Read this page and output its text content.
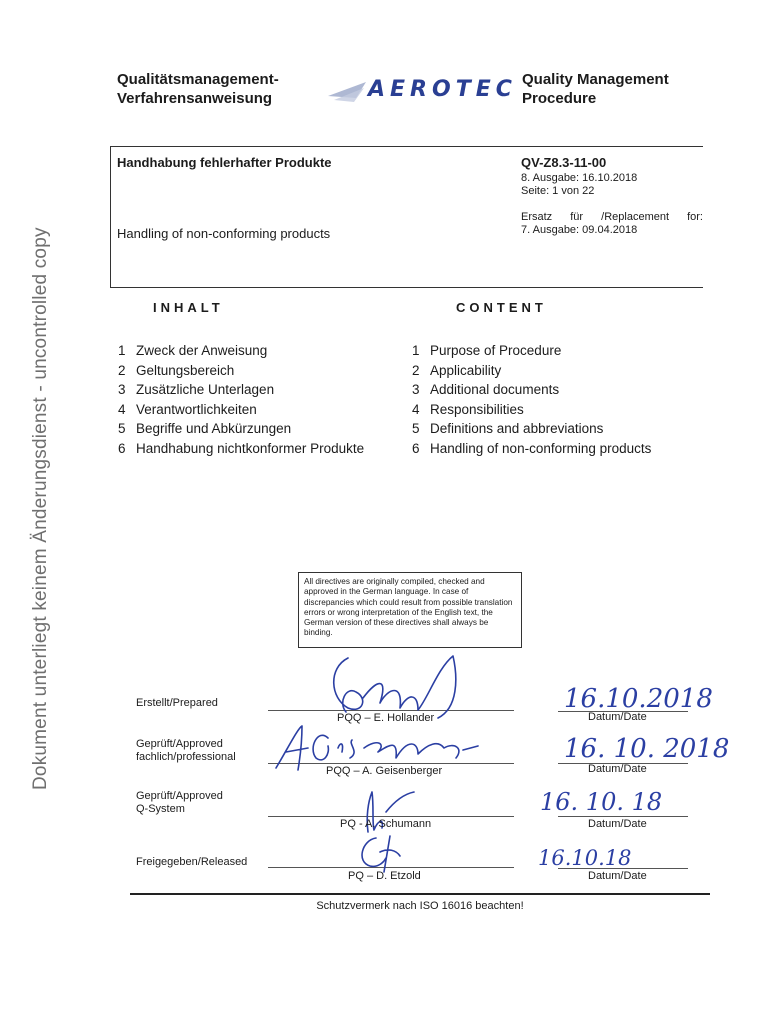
Dokument unterliegt keinem Änderungsdienst - uncontrolled copy
Qualitätsmanagement-
Verfahrensanweisung	AEROTEC Quality Management
Procedure
Handhabung fehlerhafter Produkte
Handling of non-conforming products
QV-Z8.3-11-00
8. Ausgabe: 16.10.2018
Seite: 1 von 22
Ersatz für /Replacement for:
7. Ausgabe: 09.04.2018
INHALT	CONTENT
1 Zweck der Anweisung
2 Geltungsbereich
3 Zusätzliche Unterlagen
4 Verantwortlichkeiten
5 Begriffe und Abkürzungen
6 Handhabung nichtkonformer Produkte
1 Purpose of Procedure
2 Applicability
3 Additional documents
4 Responsibilities
5 Definitions and abbreviations
6 Handling of non-conforming products
All directives are originally compiled, checked and approved in the German language. In case of discrepancies which could result from possible translation errors or wrong interpretation of the English text, the German version of these directives shall always be binding.
Erstellt/Prepared
PQQ – E. Hollander
16.10.2018
Datum/Date
Geprüft/Approved
fachlich/professional
PQQ – A. Geisenberger
16. 10. 2018
Datum/Date
Geprüft/Approved
Q-System
PQ - A. Schumann
16. 10. 18
Datum/Date
Freigegeben/Released
PQ – D. Etzold
16.10.18
Datum/Date
Schutzvermerk nach ISO 16016 beachten!
